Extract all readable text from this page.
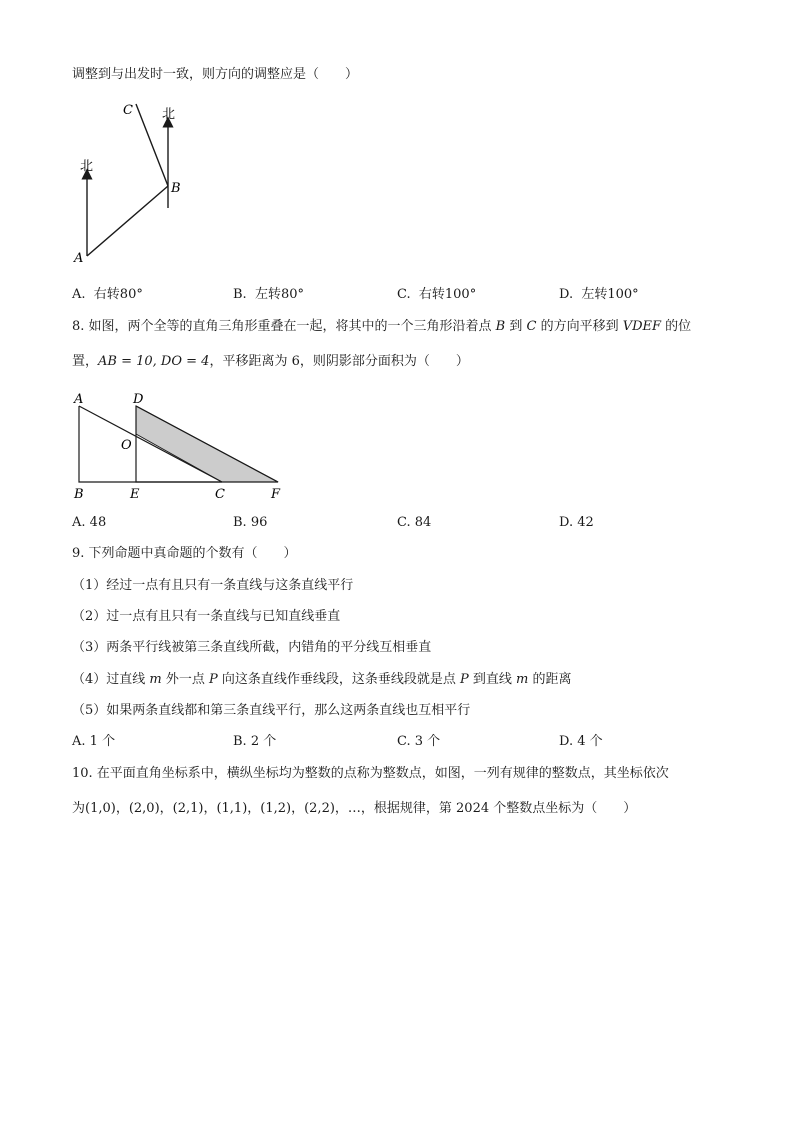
调整到与出发时一致，则方向的调整应是（　　）
北
北
A
B
C
A. 右转80°	B. 左转80°	C. 右转100°	D. 左转100°
8. 如图，两个全等的直角三角形重叠在一起，将其中的一个三角形沿着点 B 到 C 的方向平移到 VDEF 的位
置，AB = 10, DO = 4，平移距离为 6，则阴影部分面积为（　　）
A	D
O
B	E	C	F
A. 48	B. 96	C. 84	D. 42
9. 下列命题中真命题的个数有（　　）
（1）经过一点有且只有一条直线与这条直线平行
（2）过一点有且只有一条直线与已知直线垂直
（3）两条平行线被第三条直线所截，内错角的平分线互相垂直
（4）过直线 m 外一点 P 向这条直线作垂线段，这条垂线段就是点 P 到直线 m 的距离
（5）如果两条直线都和第三条直线平行，那么这两条直线也互相平行
A. 1 个	B. 2 个	C. 3 个	D. 4 个
10. 在平面直角坐标系中，横纵坐标均为整数的点称为整数点，如图，一列有规律的整数点，其坐标依次
为(1,0)，(2,0)，(2,1)，(1,1)，(1,2)，(2,2)，…，根据规律，第 2024 个整数点坐标为（　　）
